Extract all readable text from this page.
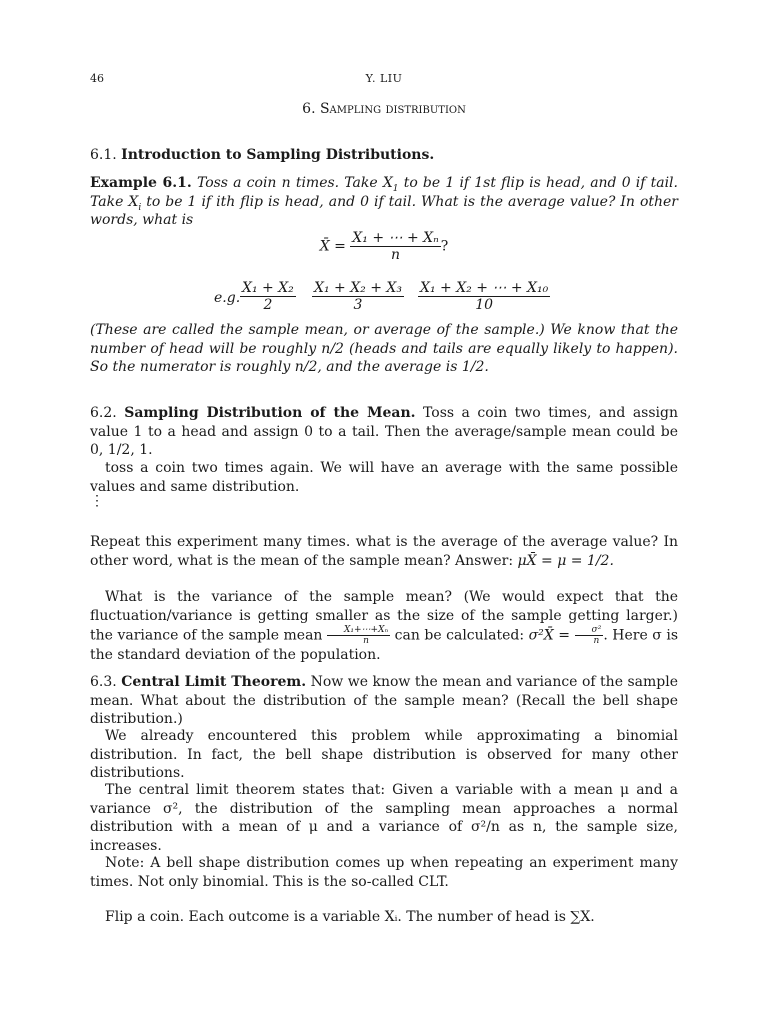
46	Y. LIU
6. Sampling distribution
6.1. Introduction to Sampling Distributions.
Example 6.1. Toss a coin n times. Take $X_1$ to be 1 if 1st flip is head, and 0 if tail. Take $X_i$ to be 1 if ith flip is head, and 0 if tail. What is the average value? In other words, what is
X̄ = $\frac{\text{X₁ + ⋯ + Xₙ}}{n}$ ?
e.g. $\frac{\text{X₁ + X₂}}{2} \frac{\text{X₁ + X₂ + X₃}}{3} \frac{\text{X₁ + X₂ + ⋯ + X₁₀}}{10}$
(These are called the sample mean, or average of the sample.) We know that the number of head will be roughly n/2 (heads and tails are equally likely to happen). So the numerator is roughly n/2, and the average is 1/2.
6.2. Sampling Distribution of the Mean. Toss a coin two times, and assign value 1 to a head and assign 0 to a tail. Then the average/sample mean could be 0, 1/2, 1.
toss a coin two times again. We will have an average with the same possible values and same distribution.
⋮
Repeat this experiment many times. what is the average of the average value? In other word, what is the mean of the sample mean? Answer: μX̄ = μ = 1/2.
What is the variance of the sample mean? (We would expect that the fluctuation/variance is getting smaller as the size of the sample getting larger.) the variance of the sample mean $\frac{\text{X₁+⋯+Xₙ}}{n}$ can be calculated: σ²X̄ = $\frac{\text{σ²}}{n}$ . Here σ is the standard deviation of the population.
6.3. Central Limit Theorem. Now we know the mean and variance of the sample mean. What about the distribution of the sample mean? (Recall the bell shape distribution.)
We already encountered this problem while approximating a binomial distribution. In fact, the bell shape distribution is observed for many other distributions.
The central limit theorem states that: Given a variable with a mean μ and a variance σ², the distribution of the sampling mean approaches a normal distribution with a mean of μ and a variance of σ²/n as n, the sample size, increases.
Note: A bell shape distribution comes up when repeating an experiment many times. Not only binomial. This is the so-called CLT.
Flip a coin. Each outcome is a variable Xᵢ. The number of head is ∑X.
